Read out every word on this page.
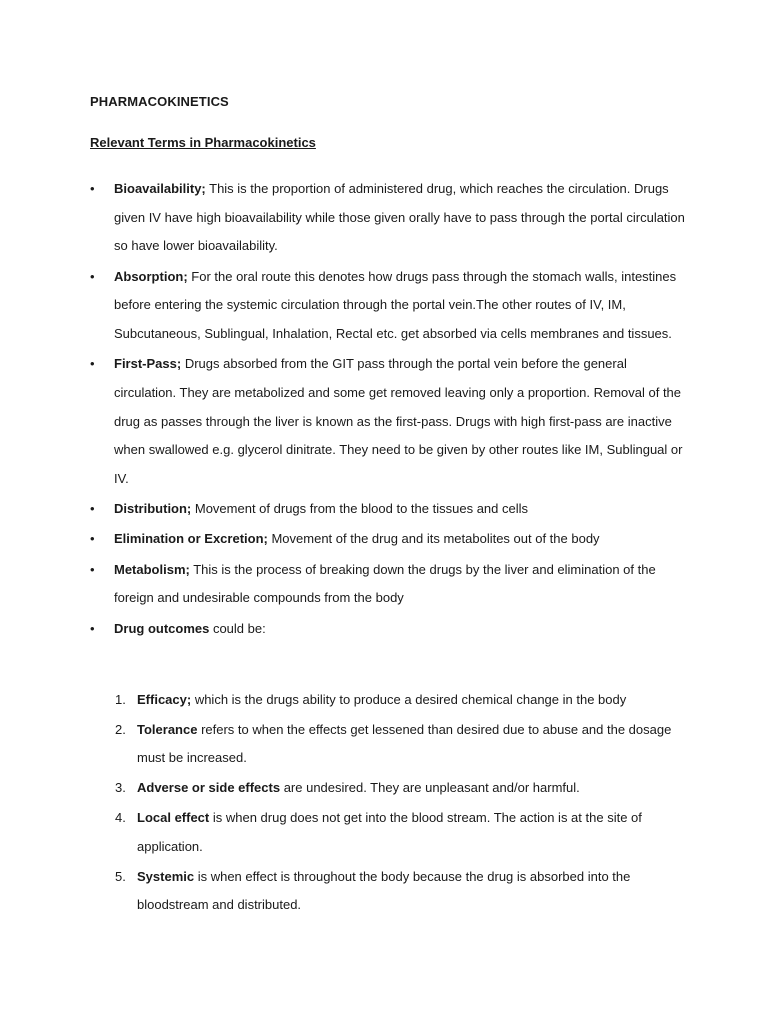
PHARMACOKINETICS
Relevant Terms in Pharmacokinetics
• Bioavailability; This is the proportion of administered drug, which reaches the circulation. Drugs given IV have high bioavailability while those given orally have to pass through the portal circulation so have lower bioavailability.
• Absorption; For the oral route this denotes how drugs pass through the stomach walls, intestines before entering the systemic circulation through the portal vein.The other routes of IV, IM, Subcutaneous, Sublingual, Inhalation, Rectal etc. get absorbed via cells membranes and tissues.
• First-Pass; Drugs absorbed from the GIT pass through the portal vein before the general circulation. They are metabolized and some get removed leaving only a proportion. Removal of the drug as passes through the liver is known as the first-pass. Drugs with high first-pass are inactive when swallowed e.g. glycerol dinitrate. They need to be given by other routes like IM, Sublingual or IV.
• Distribution; Movement of drugs from the blood to the tissues and cells
• Elimination or Excretion; Movement of the drug and its metabolites out of the body
• Metabolism; This is the process of breaking down the drugs by the liver and elimination of the foreign and undesirable compounds from the body
• Drug outcomes could be:
1. Efficacy; which is the drugs ability to produce a desired chemical change in the body
2. Tolerance refers to when the effects get lessened than desired due to abuse and the dosage must be increased.
3. Adverse or side effects are undesired. They are unpleasant and/or harmful.
4. Local effect is when drug does not get into the blood stream. The action is at the site of application.
5. Systemic is when effect is throughout the body because the drug is absorbed into the bloodstream and distributed.
